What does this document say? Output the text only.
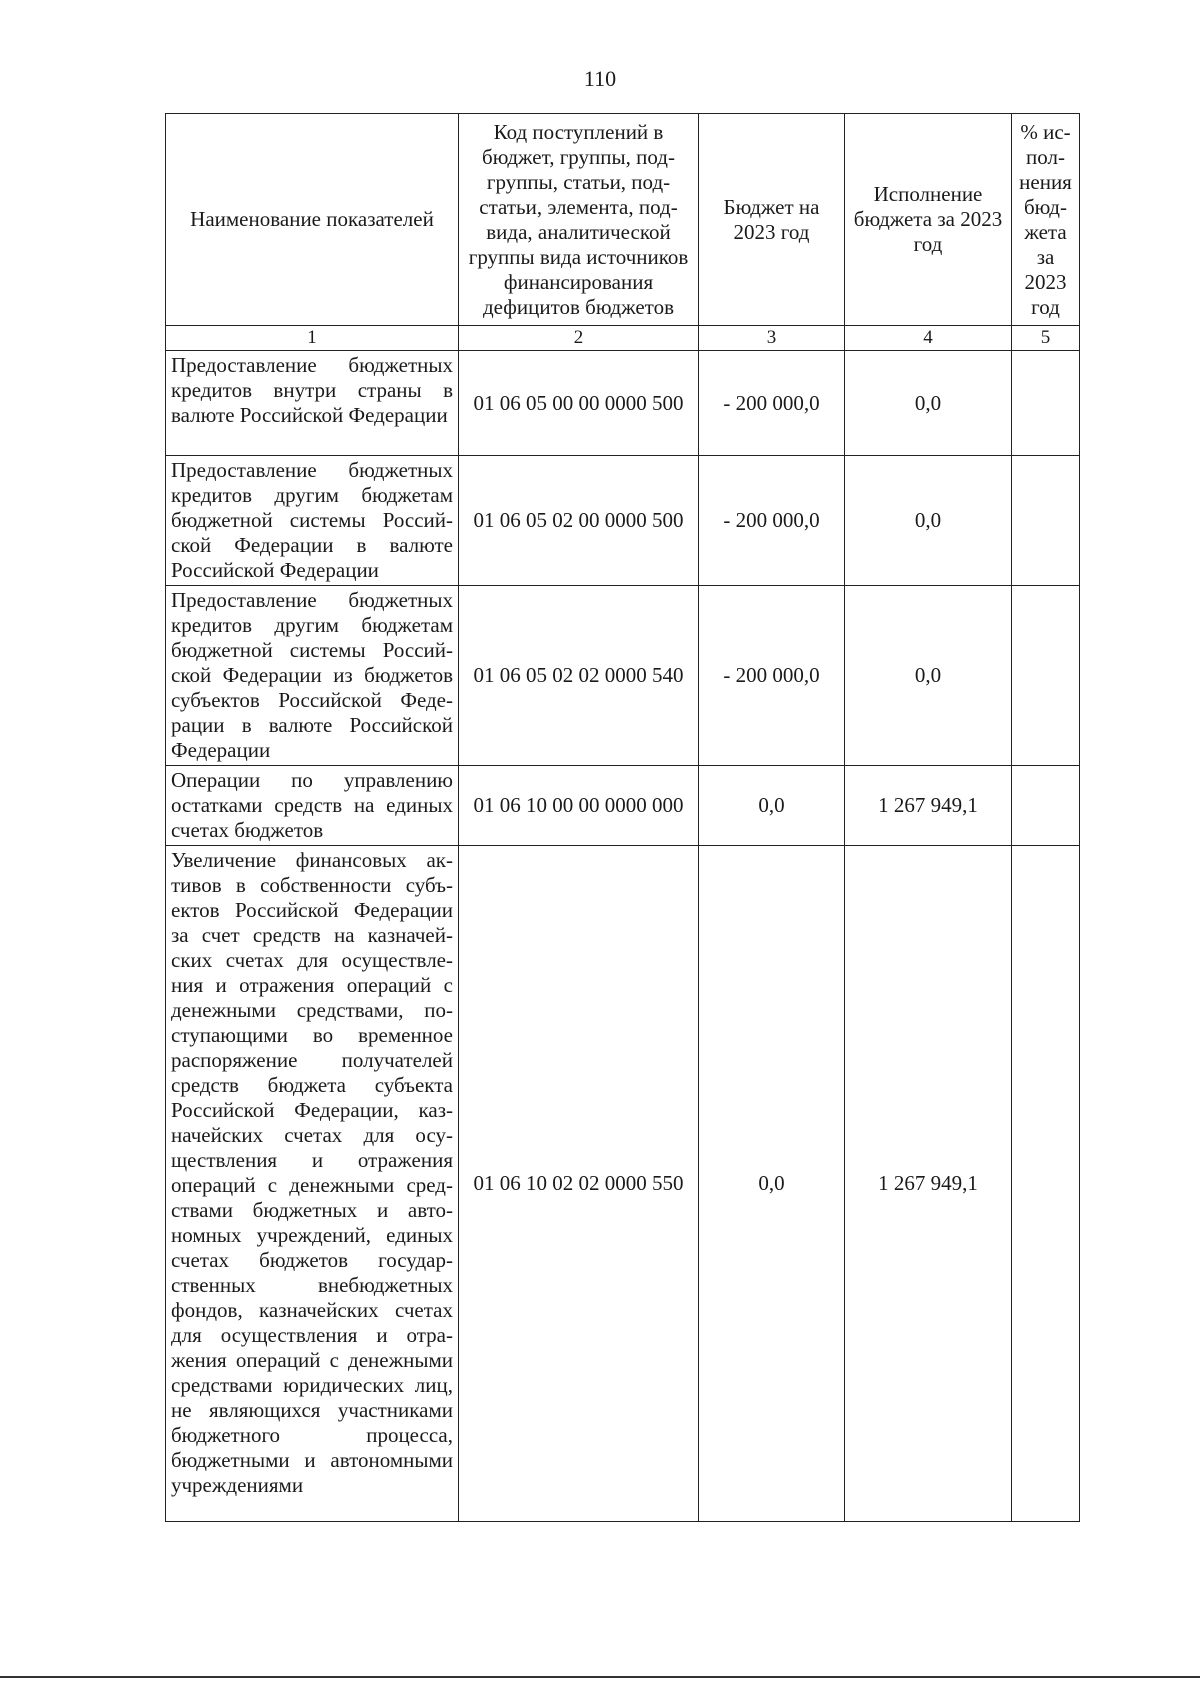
110
Наименование показателей	Код поступлений в бюджет, группы, подгруппы, статьи, подстатьи, элемента, подвида, аналитической группы вида источников финансирования дефицитов бюджетов	Бюджет на 2023 год	Исполнение бюджета за 2023 год	% исполнения бюджета за 2023 год
1	2	3	4	5
Предоставление бюджетных кредитов внутри страны в валюте Российской Федерации	01 06 05 00 00 0000 500	- 200 000,0	0,0	
Предоставление бюджетных кредитов другим бюджетам бюджетной системы Российской Федерации в валюте Российской Федерации	01 06 05 02 00 0000 500	- 200 000,0	0,0	
Предоставление бюджетных кредитов другим бюджетам бюджетной системы Российской Федерации из бюджетов субъектов Российской Федерации в валюте Российской Федерации	01 06 05 02 02 0000 540	- 200 000,0	0,0	
Операции по управлению остатками средств на единых счетах бюджетов	01 06 10 00 00 0000 000	0,0	1 267 949,1	
Увеличение финансовых активов в собственности субъектов Российской Федерации за счет средств на казначейских счетах для осуществления и отражения операций с денежными средствами, поступающими во временное распоряжение получателей средств бюджета субъекта Российской Федерации, казначейских счетах для осуществления и отражения операций с денежными средствами бюджетных и автономных учреждений, единых счетах бюджетов государственных внебюджетных фондов, казначейских счетах для осуществления и отражения операций с денежными средствами юридических лиц, не являющихся участниками бюджетного процесса, бюджетными и автономными учреждениями	01 06 10 02 02 0000 550	0,0	1 267 949,1	
